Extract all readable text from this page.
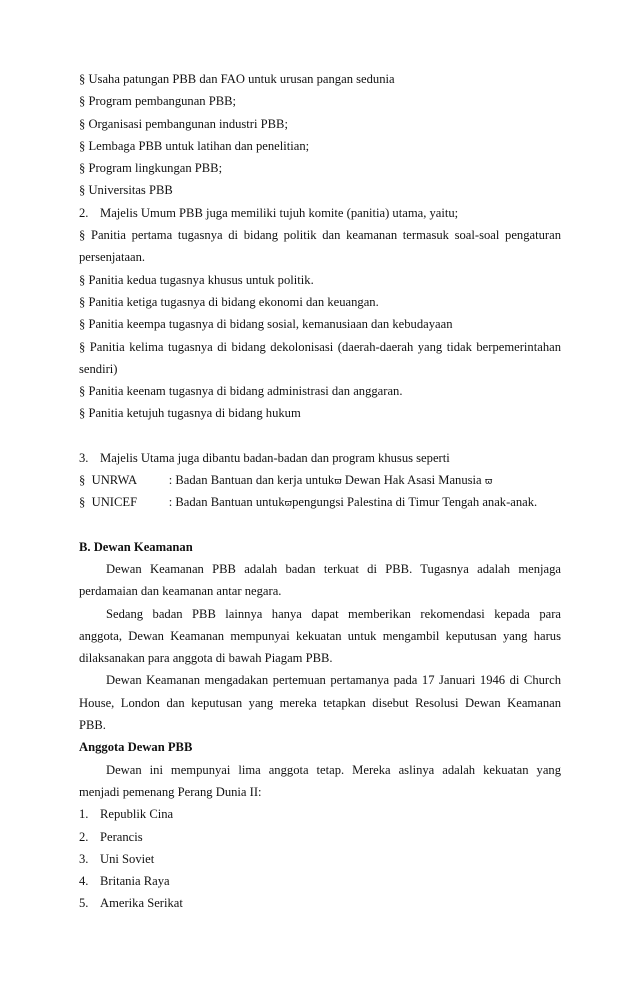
§ Usaha patungan PBB dan FAO untuk urusan pangan sedunia
§ Program pembangunan PBB;
§ Organisasi pembangunan industri PBB;
§ Lembaga PBB untuk latihan dan penelitian;
§ Program lingkungan PBB;
§ Universitas PBB
2. Majelis Umum PBB juga memiliki tujuh komite (panitia) utama, yaitu;
§ Panitia pertama tugasnya di bidang politik dan keamanan termasuk soal-soal pengaturan
persenjataan.
§ Panitia kedua tugasnya khusus untuk politik.
§ Panitia ketiga tugasnya di bidang ekonomi dan keuangan.
§ Panitia keempa tugasnya di bidang sosial, kemanusiaan dan kebudayaan
§ Panitia kelima tugasnya di bidang dekolonisasi (daerah-daerah yang tidak berpemerintahan
sendiri)
§ Panitia keenam tugasnya di bidang administrasi dan anggaran.
§ Panitia ketujuh tugasnya di bidang hukum
3. Majelis Utama juga dibantu badan-badan dan program khusus seperti
§ UNRWA	: Badan Bantuan dan kerja untukϖ Dewan Hak Asasi Manusia ϖ
§ UNICEF	: Badan Bantuan untukϖpengungsi Palestina di Timur Tengah anak-anak.
B. Dewan Keamanan
Dewan Keamanan PBB adalah badan terkuat di PBB. Tugasnya adalah menjaga
perdamaian dan keamanan antar negara.
Sedang badan PBB lainnya hanya dapat memberikan rekomendasi kepada para
anggota, Dewan Keamanan mempunyai kekuatan untuk mengambil keputusan yang harus
dilaksanakan para anggota di bawah Piagam PBB.
Dewan Keamanan mengadakan pertemuan pertamanya pada 17 Januari 1946 di Church
House, London dan keputusan yang mereka tetapkan disebut Resolusi Dewan Keamanan
PBB.
Anggota Dewan PBB
Dewan ini mempunyai lima anggota tetap. Mereka aslinya adalah kekuatan yang
menjadi pemenang Perang Dunia II:
1. Republik Cina
2. Perancis
3. Uni Soviet
4. Britania Raya
5. Amerika Serikat
